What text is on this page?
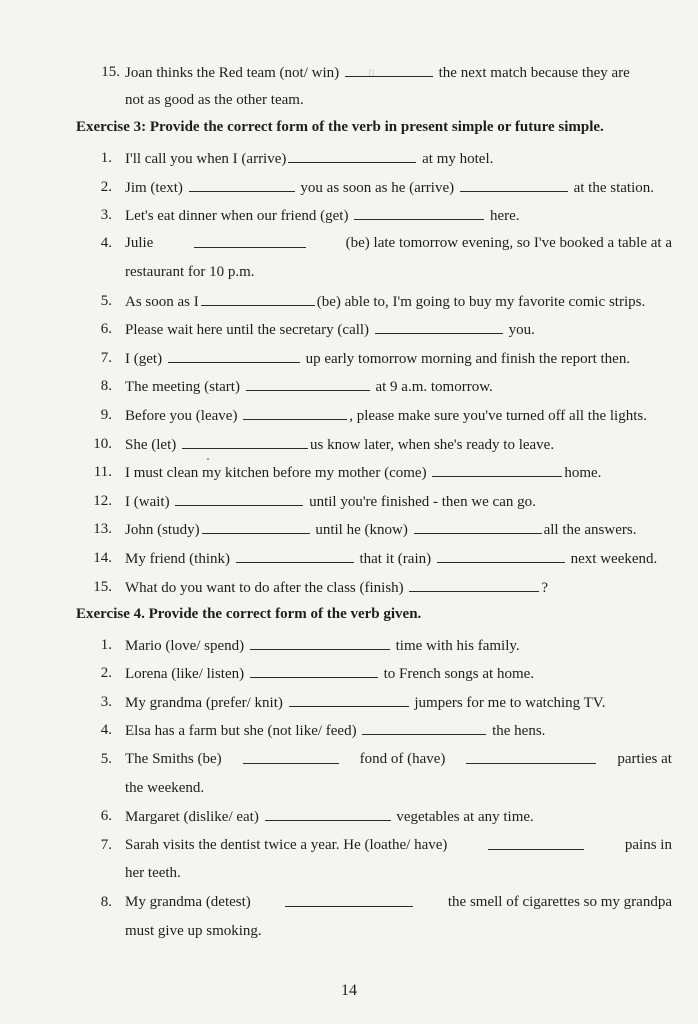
n
15. Joan thinks the Red team (not/ win)	the next match because they are
not as good as the other team.
Exercise 3: Provide the correct form of the verb in present simple or future simple.
1. I'll call you when I (arrive)	at my hotel.
2. Jim (text)	you as soon as he (arrive)	at the station.
3. Let's eat dinner when our friend (get)	here.
4. Julie	(be) late tomorrow evening, so I've booked a table at a
restaurant for 10 p.m.
5. As soon as I	(be) able to, I'm going to buy my favorite comic strips.
6. Please wait here until the secretary (call)	you.
7. I (get)	up early tomorrow morning and finish the report then.
8. The meeting (start)	at 9 a.m. tomorrow.
9. Before you (leave)	, please make sure you've turned off all the lights.
10. She (let)	us know later, when she's ready to leave.
11. I must clean my kitchen before my mother (come)	home.
12. I (wait)	until you're finished - then we can go.
13. John (study)	until he (know)	all the answers.
14. My friend (think)	that it (rain)	next weekend.
15. What do you want to do after the class (finish)	?
Exercise 4. Provide the correct form of the verb given.
1. Mario (love/ spend)	time with his family.
2. Lorena (like/ listen)	to French songs at home.
3. My grandma (prefer/ knit)	jumpers for me to watching TV.
4. Elsa has a farm but she (not like/ feed)	the hens.
5. The Smiths (be)	fond of (have)	parties at
the weekend.
6. Margaret (dislike/ eat)	vegetables at any time.
7. Sarah visits the dentist twice a year. He (loathe/ have)	pains in
her teeth.
8. My grandma (detest)	the smell of cigarettes so my grandpa
must give up smoking.
14
